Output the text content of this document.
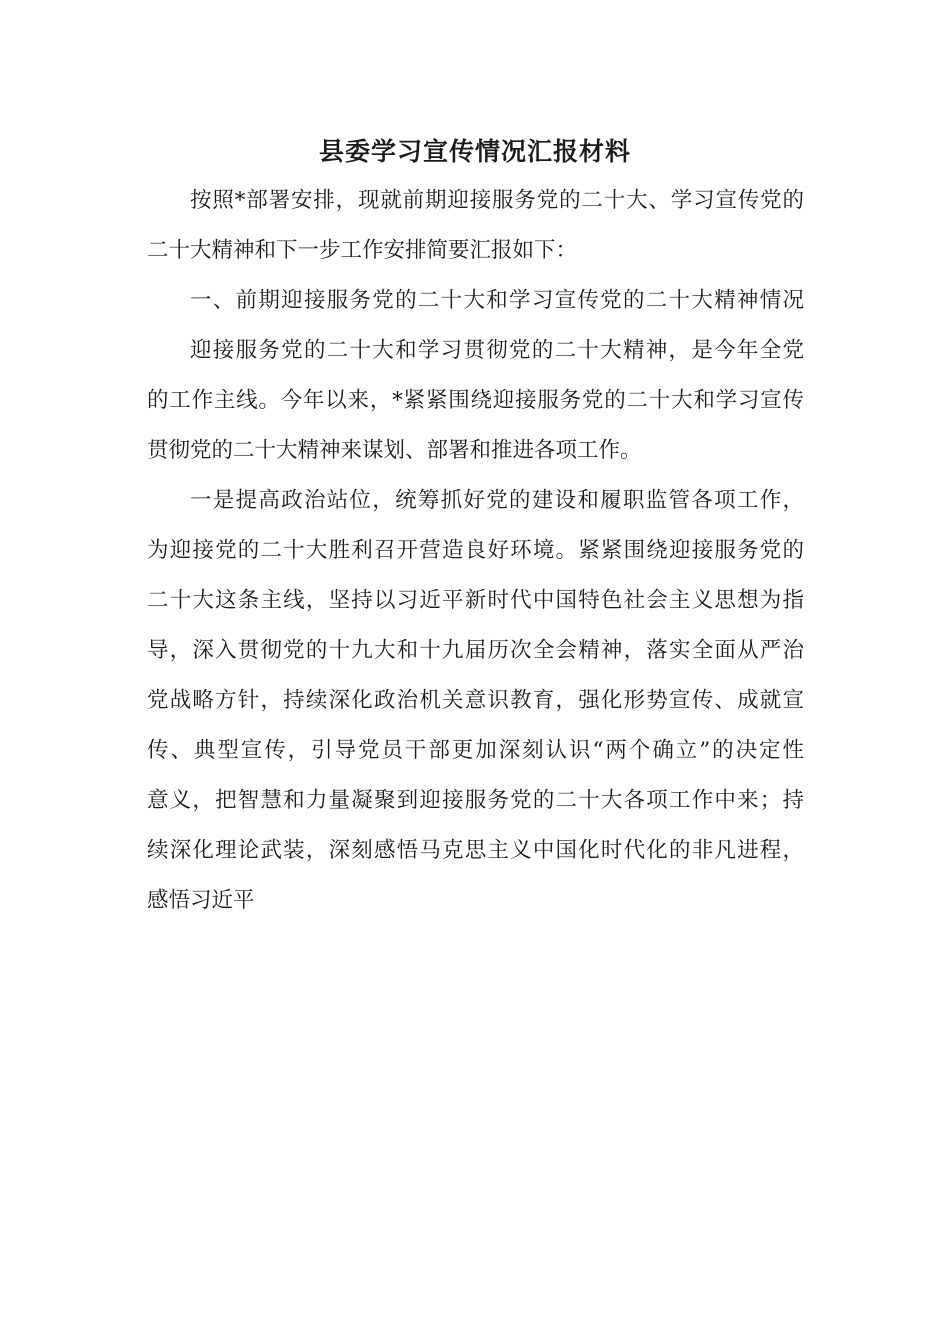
县委学习宣传情况汇报材料
按照*部署安排，现就前期迎接服务党的二十大、学习宣传党的
二十大精神和下一步工作安排简要汇报如下：
一、前期迎接服务党的二十大和学习宣传党的二十大精神情况
迎接服务党的二十大和学习贯彻党的二十大精神，是今年全党
的工作主线。今年以来，*紧紧围绕迎接服务党的二十大和学习宣传
贯彻党的二十大精神来谋划、部署和推进各项工作。
一是提高政治站位，统筹抓好党的建设和履职监管各项工作，
为迎接党的二十大胜利召开营造良好环境。紧紧围绕迎接服务党的
二十大这条主线，坚持以习近平新时代中国特色社会主义思想为指
导，深入贯彻党的十九大和十九届历次全会精神，落实全面从严治
党战略方针，持续深化政治机关意识教育，强化形势宣传、成就宣
传、典型宣传，引导党员干部更加深刻认识“两个确立”的决定性
意义，把智慧和力量凝聚到迎接服务党的二十大各项工作中来；持
续深化理论武装，深刻感悟马克思主义中国化时代化的非凡进程，
感悟习近平
